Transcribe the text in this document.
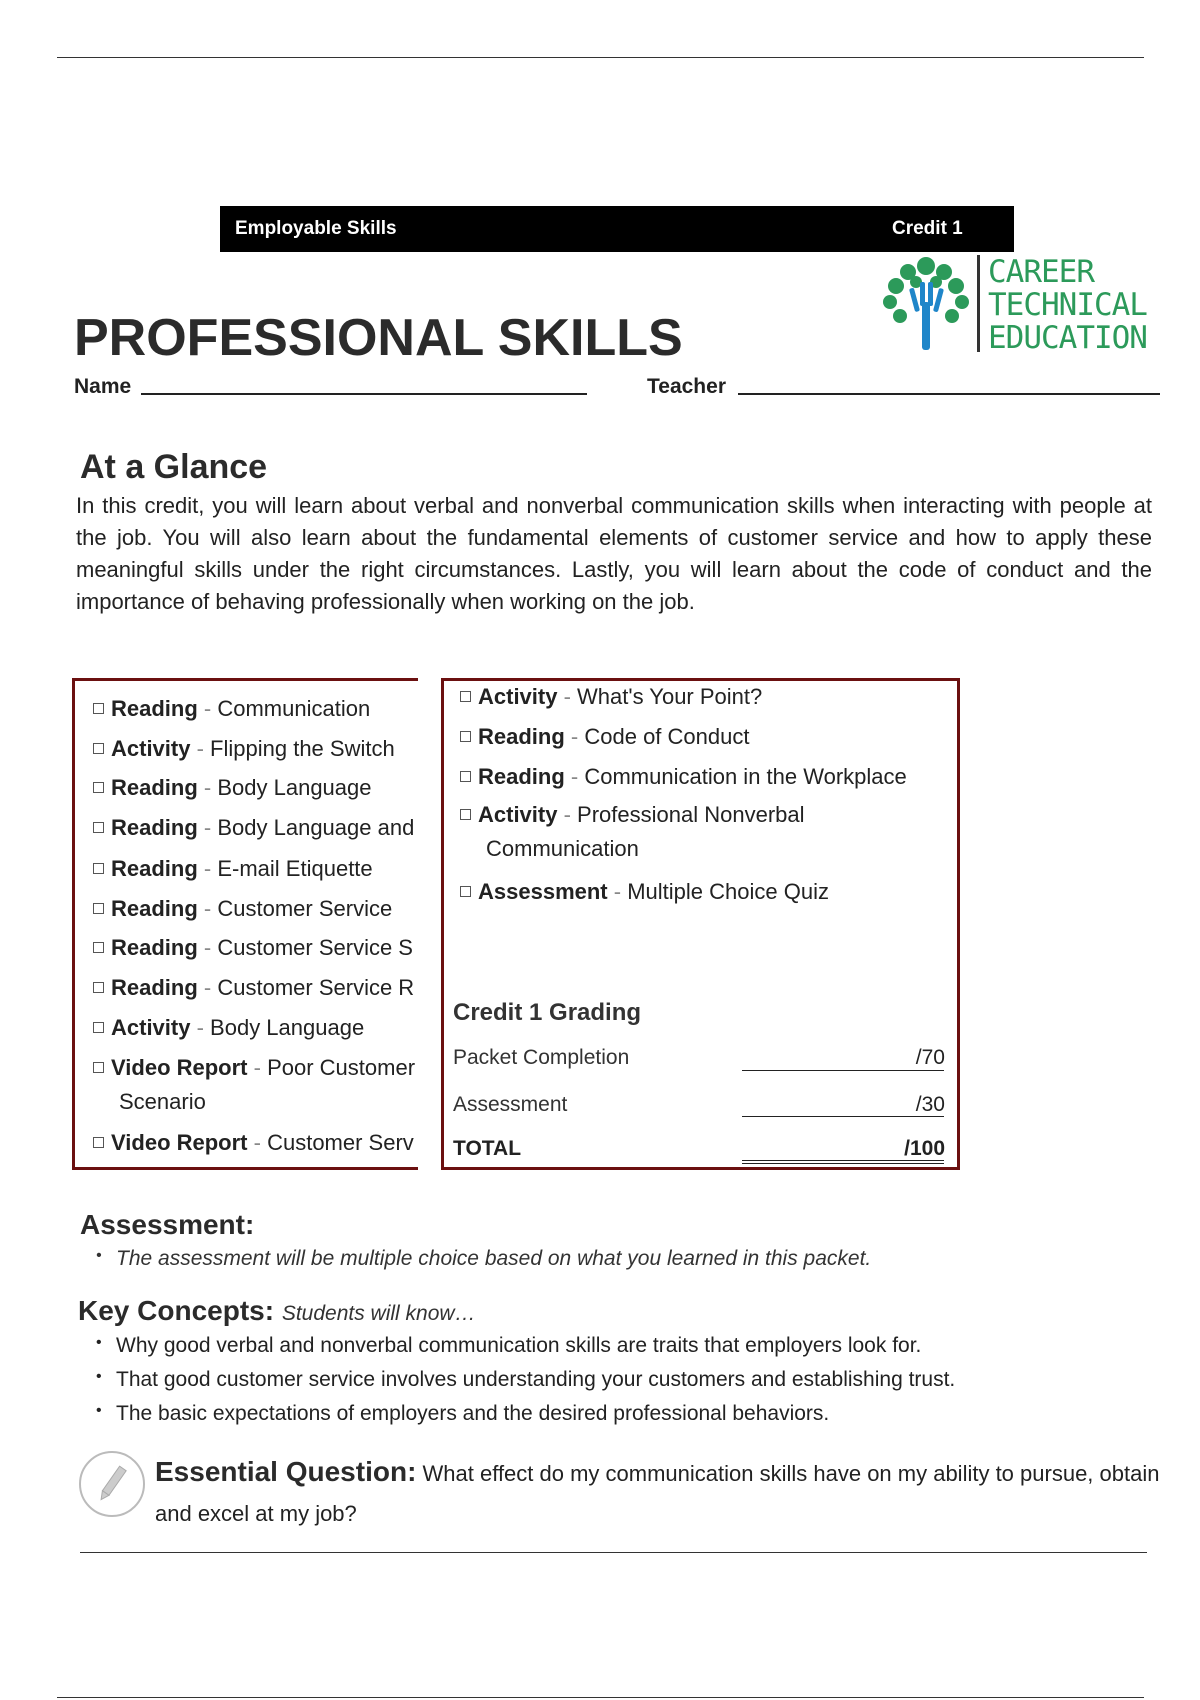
Employable Skills	Credit 1
CAREER
TECHNICAL
EDUCATION
PROFESSIONAL SKILLS
Name	Teacher
At a Glance
In this credit, you will learn about verbal and nonverbal communication skills when interacting with people at the job. You will also learn about the fundamental elements of customer service and how to apply these meaningful skills under the right circumstances. Lastly, you will learn about the code of conduct and the importance of behaving professionally when working on the job.
Reading - Communication
Activity - Flipping the Switch
Reading - Body Language
Reading - Body Language and
Reading - E-mail Etiquette
Reading - Customer Service
Reading - Customer Service S
Reading - Customer Service R
Activity - Body Language
Video Report - Poor Customer
Scenario
Video Report - Customer Serv
Credit 1 Grading
Packet Completion	/70
Assessment	/30
TOTAL	/100
Activity - What's Your Point?
Reading - Code of Conduct
Reading - Communication in the Workplace
Activity - Professional Nonverbal
Communication
Assessment - Multiple Choice Quiz
Assessment:
• The assessment will be multiple choice based on what you learned in this packet.
Key Concepts: Students will know…
• Why good verbal and nonverbal communication skills are traits that employers look for.
• That good customer service involves understanding your customers and establishing trust.
• The basic expectations of employers and the desired professional behaviors.
Essential Question: What effect do my communication skills have on my ability to pursue, obtain and excel at my job?
